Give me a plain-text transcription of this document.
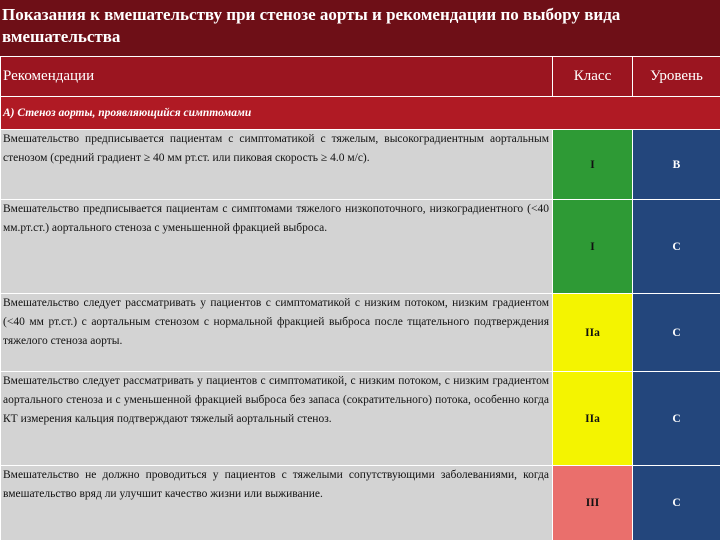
Показания к вмешательству при стенозе аорты и рекомендации по выбору вида вмешательства
Рекомендации	Класс	Уровень
А) Стеноз аорты, проявляющийся симптомами		
Вмешательство предписывается пациентам с симптоматикой с тяжелым, высокоградиентным аортальным стенозом (средний градиент ≥ 40 мм рт.ст. или пиковая скорость ≥ 4.0 м/с).	I	B
Вмешательство предписывается пациентам с симптомами тяжелого низкопоточного, низкоградиентного (<40 мм.рт.ст.) аортального стеноза с уменьшенной фракцией выброса.	I	C
Вмешательство следует рассматривать у пациентов с симптоматикой с низким потоком, низким градиентом (<40 мм рт.ст.) с аортальным стенозом с нормальной фракцией выброса после тщательного подтверждения тяжелого стеноза аорты.	IIa	C
Вмешательство следует рассматривать у пациентов с симптоматикой, с низким потоком, с низким градиентом аортального стеноза и с уменьшенной фракцией выброса без запаса (сократительного) потока, особенно когда КТ измерения кальция подтверждают тяжелый аортальный стеноз.	IIa	C
Вмешательство не должно проводиться у пациентов с тяжелыми сопутствующими заболеваниями, когда вмешательство вряд ли улучшит качество жизни или выживание.	III	C
